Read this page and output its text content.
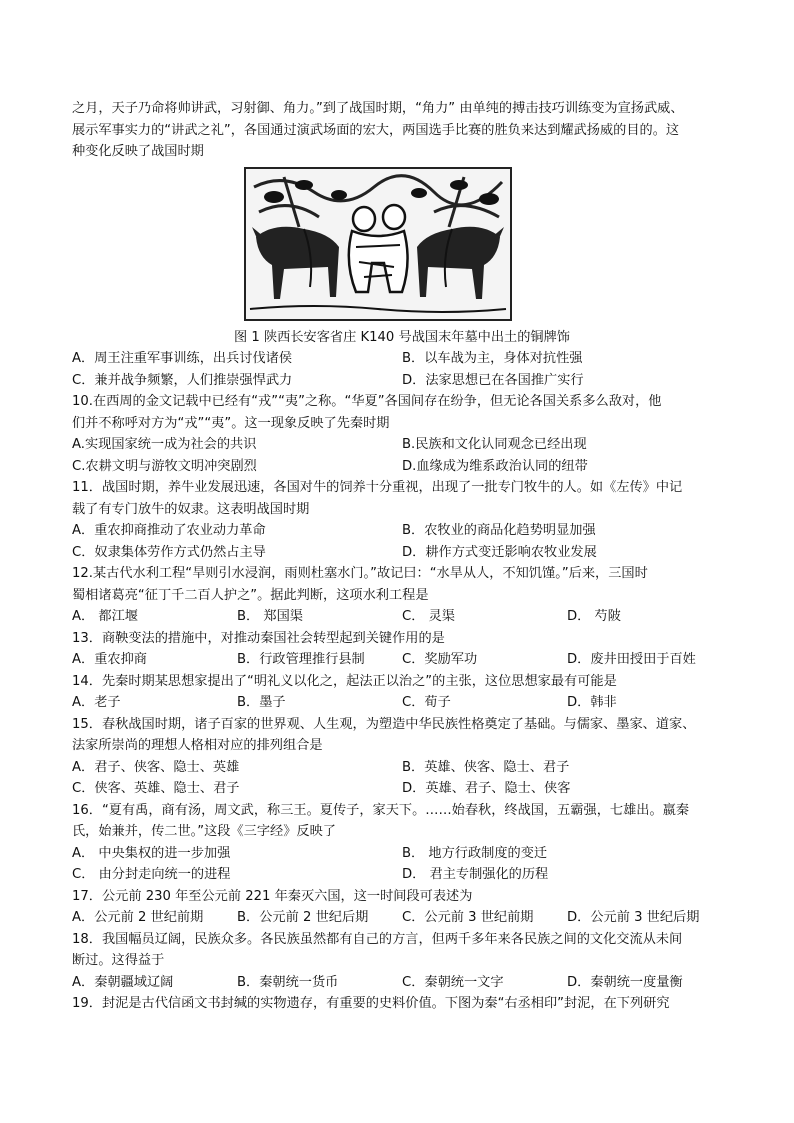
之月，天子乃命将帅讲武，习射御、角力。”到了战国时期，“角力” 由单纯的搏击技巧训练变为宣扬武威、

展示军事实力的“讲武之礼”，各国通过演武场面的宏大，两国选手比赛的胜负来达到耀武扬威的目的。这

种变化反映了战国时期

图 1 陕西长安客省庄 K140 号战国末年墓中出土的铜牌饰
A．周王注重军事训练，出兵讨伐诸侯	B．以车战为主，身体对抗性强
C．兼并战争频繁，人们推崇强悍武力	D．法家思想已在各国推广实行

10.在西周的金文记载中已经有“戎”“夷”之称。“华夏”各国间存在纷争，但无论各国关系多么敌对，他

们并不称呼对方为“戎”“夷”。这一现象反映了先秦时期

A.实现国家统一成为社会的共识	B.民族和文化认同观念已经出现
C.农耕文明与游牧文明冲突剧烈	D.血缘成为维系政治认同的纽带

11．战国时期，养牛业发展迅速，各国对牛的饲养十分重视，出现了一批专门牧牛的人。如《左传》中记

载了有专门放牛的奴隶。这表明战国时期

A．重农抑商推动了农业动力革命	B．农牧业的商品化趋势明显加强
C．奴隶集体劳作方式仍然占主导	D．耕作方式变迁影响农牧业发展

12.某古代水利工程“旱则引水浸润，雨则杜塞水门。”故记曰：“水旱从人，不知饥馑。”后来，三国时

蜀相诸葛亮“征丁千二百人护之”。据此判断，这项水利工程是

A． 都江堰	B． 郑国渠	C． 灵渠	D． 芍陂

13．商鞅变法的措施中，对推动秦国社会转型起到关键作用的是

A．重农抑商	B．行政管理推行县制	C．奖励军功	D．废井田授田于百姓

14．先秦时期某思想家提出了“明礼义以化之，起法正以治之”的主张，这位思想家最有可能是

A．老子	B．墨子	C．荀子	D．韩非

15．春秋战国时期，诸子百家的世界观、人生观，为塑造中华民族性格奠定了基础。与儒家、墨家、道家、

法家所崇尚的理想人格相对应的排列组合是

A．君子、侠客、隐士、英雄	B．英雄、侠客、隐士、君子
C．侠客、英雄、隐士、君子	D．英雄、君子、隐士、侠客

16．“夏有禹，商有汤，周文武，称三王。夏传子，家天下。……始春秋，终战国，五霸强，七雄出。嬴秦

氏，始兼并，传二世。”这段《三字经》反映了

A． 中央集权的进一步加强	B． 地方行政制度的变迁
C． 由分封走向统一的进程	D． 君主专制强化的历程

17．公元前 230 年至公元前 221 年秦灭六国，这一时间段可表述为

A．公元前 2 世纪前期	B．公元前 2 世纪后期	C．公元前 3 世纪前期	D．公元前 3 世纪后期

18．我国幅员辽阔，民族众多。各民族虽然都有自己的方言，但两千多年来各民族之间的文化交流从未间

断过。这得益于

A．秦朝疆域辽阔	B．秦朝统一货币	C．秦朝统一文字	D．秦朝统一度量衡

19．封泥是古代信函文书封缄的实物遗存，有重要的史料价值。下图为秦“右丞相印”封泥，在下列研究
